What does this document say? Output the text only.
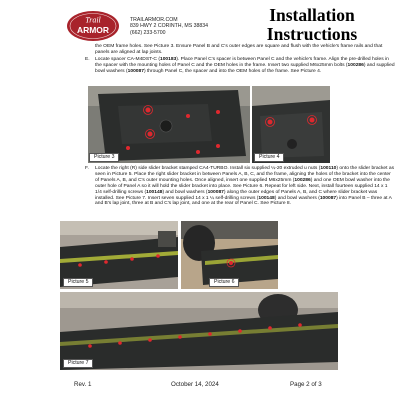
Trail
ARMOR
TRAILARMOR.COM
839 HWY 2 CORINTH, MS 38834
(662) 233-5700
Installation
Instructions
the OEM frame holes. See Picture 3. Ensure Panel B and C's outer edges are square and flush with the vehicle's frame rails and that panels are aligned at lap joints.
E. Locate spacer CA-M4DST-C (100183). Place Panel C's spacer is between Panel C and the vehicle's frame. Align the pre-drilled holes in the spacer with the mounting holes of Panel C and the OEM holes in the frame. Insert two supplied M6x25mm bolts (100286) and supplied bowl washers (100087) through Panel C, the spacer and into the OEM holes of the frame. See Picture 4.
Picture 3	Picture 4
F. Locate the right (R) side slider bracket stamped CA4-TURBO. Install six supplied ¼-20 extruded u nuts (100110) onto the slider bracket as seen in Picture 5. Place the right slider bracket in between Panels A, B, C, and the frame, aligning the holes of the bracket into the center of Panels A, B, and C's outer mounting holes. Once aligned, insert one supplied M6x25mm (100286) and one OEM bowl washer into the outer hole of Panel A so it will hold the slider bracket into place. See Picture 6. Repeat for left side. Next, install fourteen supplied 14 x 1 1/4 self-drilling screws (100148) and bowl washers (100087) along the outer edges of Panels A, B, and C where slider bracket was installed. See Picture 7. Insert seven supplied 14 x 1 ¼ self-drilling screws (100148) and bowl washers (100087) into Panel B – three at A and B's lap joint, three at B and C's lap joint, and one at the rear of Panel C. See Picture 8.
Picture 5	Picture 6
Picture 7
Rev. 1	October 14, 2024	Page 2 of 3
